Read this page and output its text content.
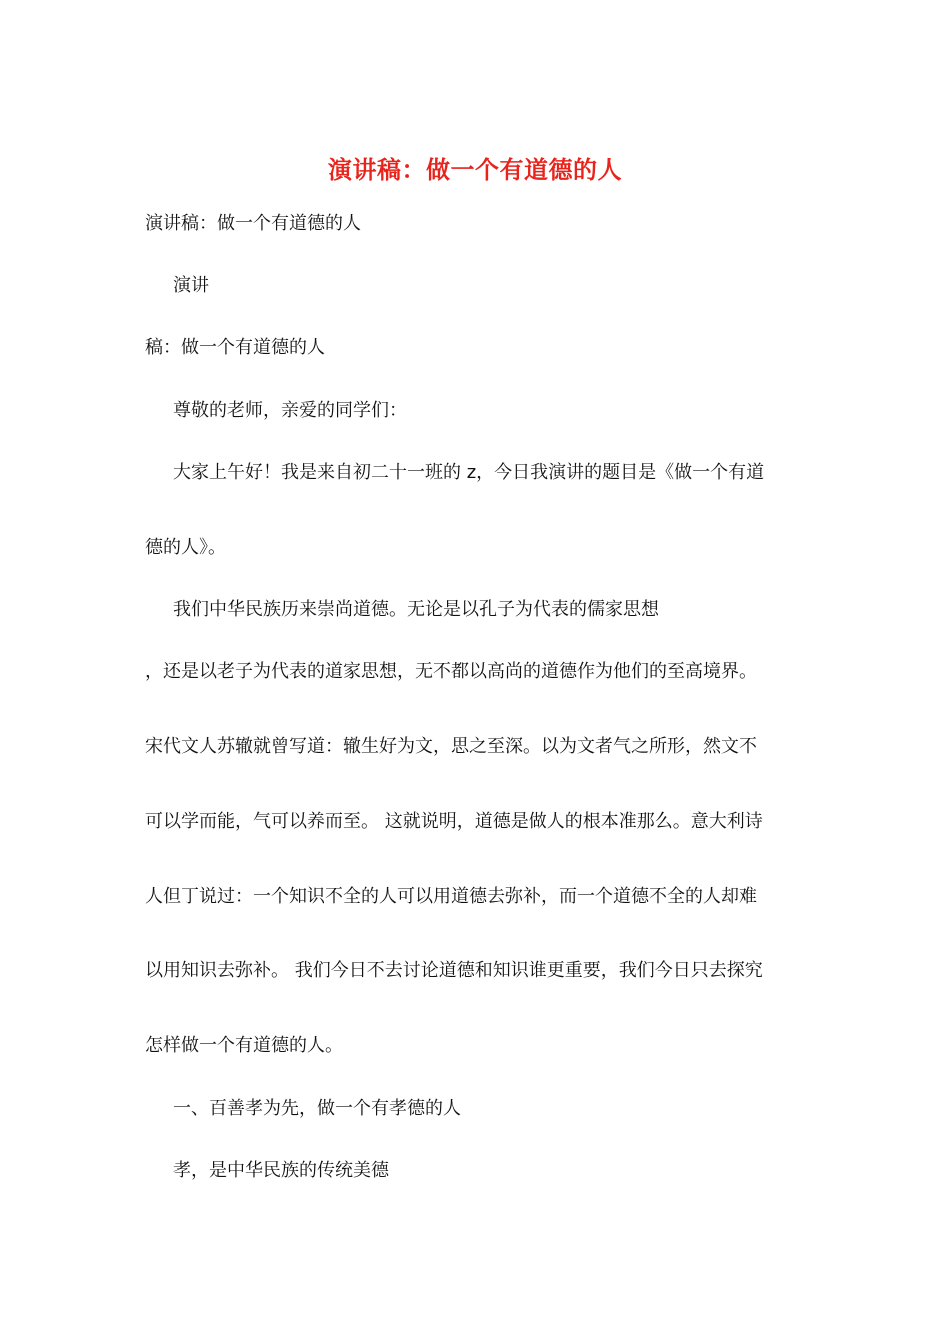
演讲稿：做一个有道德的人
演讲稿：做一个有道德的人
演讲
稿：做一个有道德的人
尊敬的老师，亲爱的同学们：
大家上午好！我是来自初二十一班的 z，今日我演讲的题目是《做一个有道
德的人》。
我们中华民族历来崇尚道德。无论是以孔子为代表的儒家思想
，还是以老子为代表的道家思想，无不都以高尚的道德作为他们的至高境界。
宋代文人苏辙就曾写道：辙生好为文，思之至深。以为文者气之所形，然文不
可以学而能，气可以养而至。 这就说明，道德是做人的根本准那么。意大利诗
人但丁说过：一个知识不全的人可以用道德去弥补，而一个道德不全的人却难
以用知识去弥补。 我们今日不去讨论道德和知识谁更重要，我们今日只去探究
怎样做一个有道德的人。
一、百善孝为先，做一个有孝德的人
孝，是中华民族的传统美德
